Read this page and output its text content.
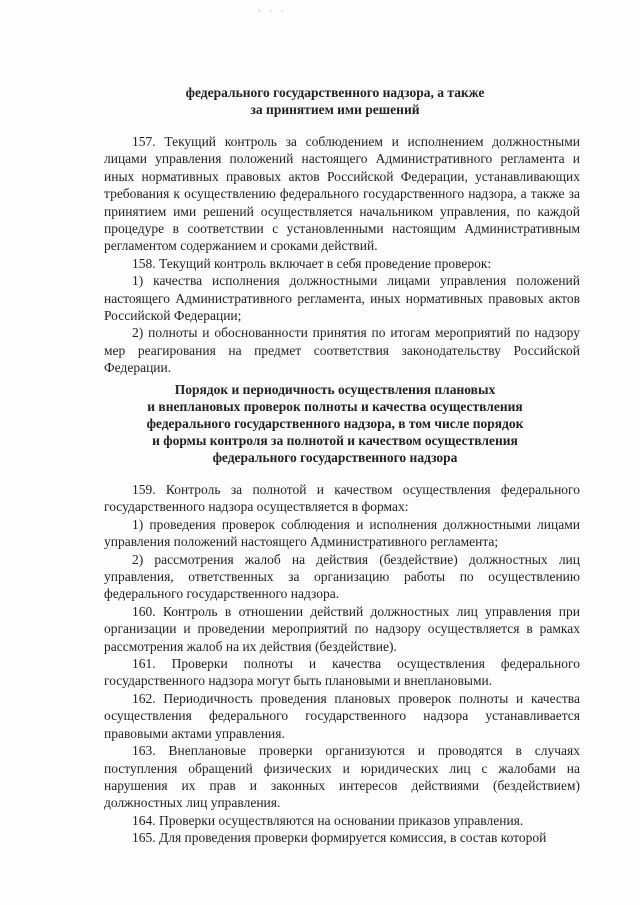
· · ·
федерального государственного надзора, а также
за принятием ими решений

157. Текущий контроль за соблюдением и исполнением должностными лицами управления положений настоящего Административного регламента и иных нормативных правовых актов Российской Федерации, устанавливающих требования к осуществлению федерального государственного надзора, а также за принятием ими решений осуществляется начальником управления, по каждой процедуре в соответствии с установленными настоящим Административным регламентом содержанием и сроками действий.

158. Текущий контроль включает в себя проведение проверок:

1) качества исполнения должностными лицами управления положений настоящего Административного регламента, иных нормативных правовых актов Российской Федерации;

2) полноты и обоснованности принятия по итогам мероприятий по надзору мер реагирования на предмет соответствия законодательству Российской Федерации.

Порядок и периодичность осуществления плановых
и внеплановых проверок полноты и качества осуществления
федерального государственного надзора, в том числе порядок
и формы контроля за полнотой и качеством осуществления
федерального государственного надзора

159. Контроль за полнотой и качеством осуществления федерального государственного надзора осуществляется в формах:

1) проведения проверок соблюдения и исполнения должностными лицами управления положений настоящего Административного регламента;

2) рассмотрения жалоб на действия (бездействие) должностных лиц управления, ответственных за организацию работы по осуществлению федерального государственного надзора.

160. Контроль в отношении действий должностных лиц управления при организации и проведении мероприятий по надзору осуществляется в рамках рассмотрения жалоб на их действия (бездействие).

161. Проверки полноты и качества осуществления федерального государственного надзора могут быть плановыми и внеплановыми.

162. Периодичность проведения плановых проверок полноты и качества осуществления федерального государственного надзора устанавливается правовыми актами управления.

163. Внеплановые проверки организуются и проводятся в случаях поступления обращений физических и юридических лиц с жалобами на нарушения их прав и законных интересов действиями (бездействием) должностных лиц управления.

164. Проверки осуществляются на основании приказов управления.

165. Для проведения проверки формируется комиссия, в состав которой
